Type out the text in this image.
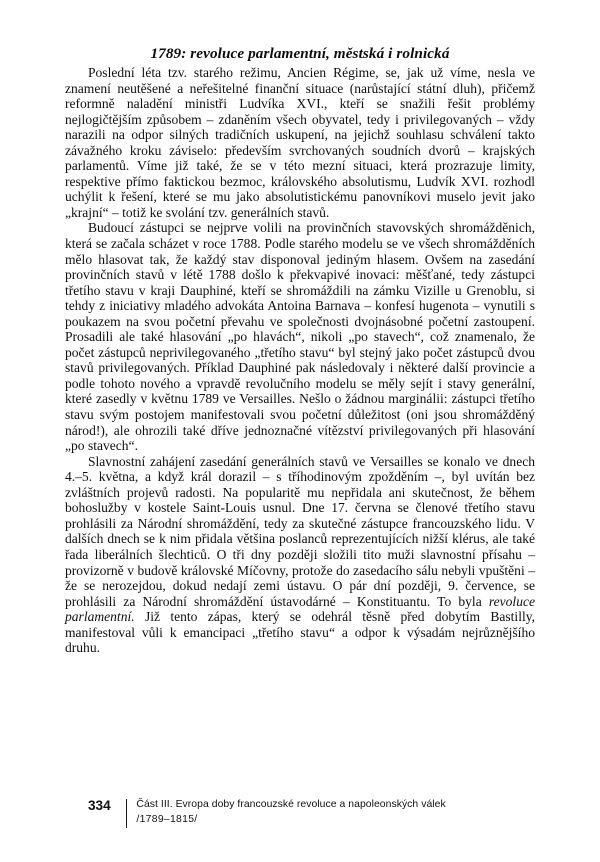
1789: revoluce parlamentní, městská i rolnická

Poslední léta tzv. starého režimu, Ancien Régime, se, jak už víme, nesla ve znamení neutěšené a neřešitelné finanční situace (narůstající státní dluh), přičemž reformně naladění ministři Ludvíka XVI., kteří se snažili řešit problémy nejlogičtějším způsobem – zdaněním všech obyvatel, tedy i privilegovaných – vždy narazili na odpor silných tradičních uskupení, na jejichž souhlasu schválení takto závažného kroku záviselo: především svrchovaných soudních dvorů – krajských parlamentů. Víme již také, že se v této mezní situaci, která prozrazuje limity, respektive přímo faktickou bezmoc, královského absolutismu, Ludvík XVI. rozhodl uchýlit k řešení, které se mu jako absolutistickému panovníkovi muselo jevit jako „krajní“ – totiž ke svolání tzv. generálních stavů.

Budoucí zástupci se nejprve volili na provinčních stavovských shromážděnich, která se začala scházet v roce 1788. Podle starého modelu se ve všech shromážděních mělo hlasovat tak, že každý stav disponoval jediným hlasem. Ovšem na zasedání provinčních stavů v létě 1788 došlo k překvapivé inovaci: měšťané, tedy zástupci třetího stavu v kraji Dauphiné, kteří se shromáždili na zámku Vizille u Grenoblu, si tehdy z iniciativy mladého advokáta Antoina Barnava – konfesí hugenota – vynutili s poukazem na svou početní převahu ve společnosti dvojnásobné početní zastoupení. Prosadili ale také hlasování „po hlavách“, nikoli „po stavech“, což znamenalo, že počet zástupců neprivilegovaného „třetího stavu“ byl stejný jako počet zástupců dvou stavů privilegovaných. Příklad Dauphiné pak následovaly i některé další provincie a podle tohoto nového a vpravdě revolučního modelu se měly sejít i stavy generální, které zasedly v květnu 1789 ve Versailles. Nešlo o žádnou marginálii: zástupci třetího stavu svým postojem manifestovali svou početní důležitost (oni jsou shromážděný národ!), ale ohrozili také dříve jednoznačné vítězství privilegovaných při hlasování „po stavech“.

Slavnostní zahájení zasedání generálních stavů ve Versailles se konalo ve dnech 4.–5. května, a když král dorazil – s tříhodinovým zpožděním –, byl uvítán bez zvláštních projevů radosti. Na popularitě mu nepřidala ani skutečnost, že během bohoslužby v kostele Saint-Louis usnul. Dne 17. června se členové třetího stavu prohlásili za Národní shromáždění, tedy za skutečné zástupce francouzského lidu. V dalších dnech se k nim přidala většina poslanců reprezentujících nižší klérus, ale také řada liberálních šlechticů. O tři dny později složili tito muži slavnostní přísahu – provizorně v budově královské Míčovny, protože do zasedacího sálu nebyli vpuštěni – že se nerozejdou, dokud nedají zemi ústavu. O pár dní později, 9. července, se prohlásili za Národní shromáždění ústavodárné – Konstituantu. To byla revoluce parlamentní. Již tento zápas, který se odehrál těsně před dobytím Bastilly, manifestoval vůli k emancipaci „třetího stavu“ a odpor k výsadám nejrůznějšího druhu.

334	Část III. Evropa doby francouzské revoluce a napoleonských válek
/1789–1815/
